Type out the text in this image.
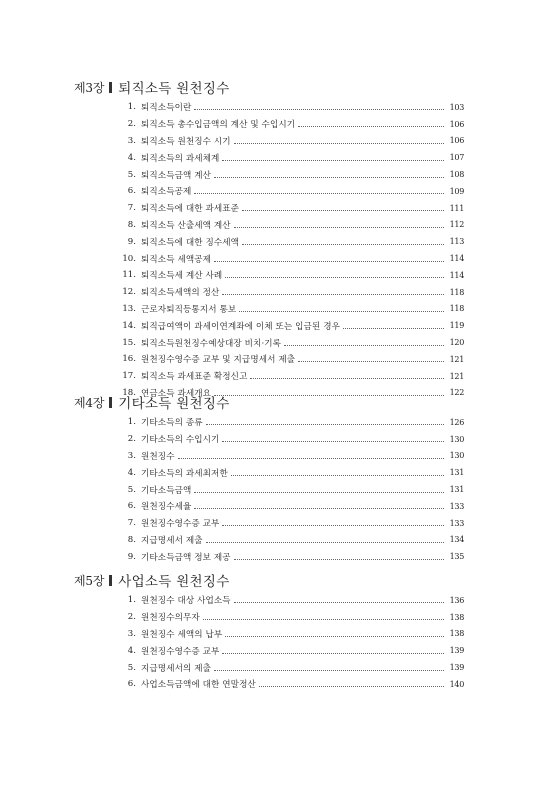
제3장 퇴직소득 원천징수
1. 퇴직소득이란	103
2. 퇴직소득 총수입금액의 계산 및 수입시기	106
3. 퇴직소득 원천징수 시기	106
4. 퇴직소득의 과세체계	107
5. 퇴직소득금액 계산	108
6. 퇴직소득공제	109
7. 퇴직소득에 대한 과세표준	111
8. 퇴직소득 산출세액 계산	112
9. 퇴직소득에 대한 징수세액	113
10. 퇴직소득 세액공제	114
11. 퇴직소득세 계산 사례	114
12. 퇴직소득세액의 정산	118
13. 근로자퇴직등통지서 통보	118
14. 퇴직급여액이 과세이연계좌에 이체 또는 입금된 경우	119
15. 퇴직소득원천징수예상대장 비치·기록	120
16. 원천징수영수증 교부 및 지급명세서 제출	121
17. 퇴직소득 과세표준 확정신고	121
18. 연금소득 과세개요	122
제4장 기타소득 원천징수
1. 기타소득의 종류	126
2. 기타소득의 수입시기	130
3. 원천징수	130
4. 기타소득의 과세최저한	131
5. 기타소득금액	131
6. 원천징수세율	133
7. 원천징수영수증 교부	133
8. 지급명세서 제출	134
9. 기타소득금액 정보 제공	135
제5장 사업소득 원천징수
1. 원천징수 대상 사업소득	136
2. 원천징수의무자	138
3. 원천징수 세액의 납부	138
4. 원천징수영수증 교부	139
5. 지급명세서의 제출	139
6. 사업소득금액에 대한 연말정산	140
